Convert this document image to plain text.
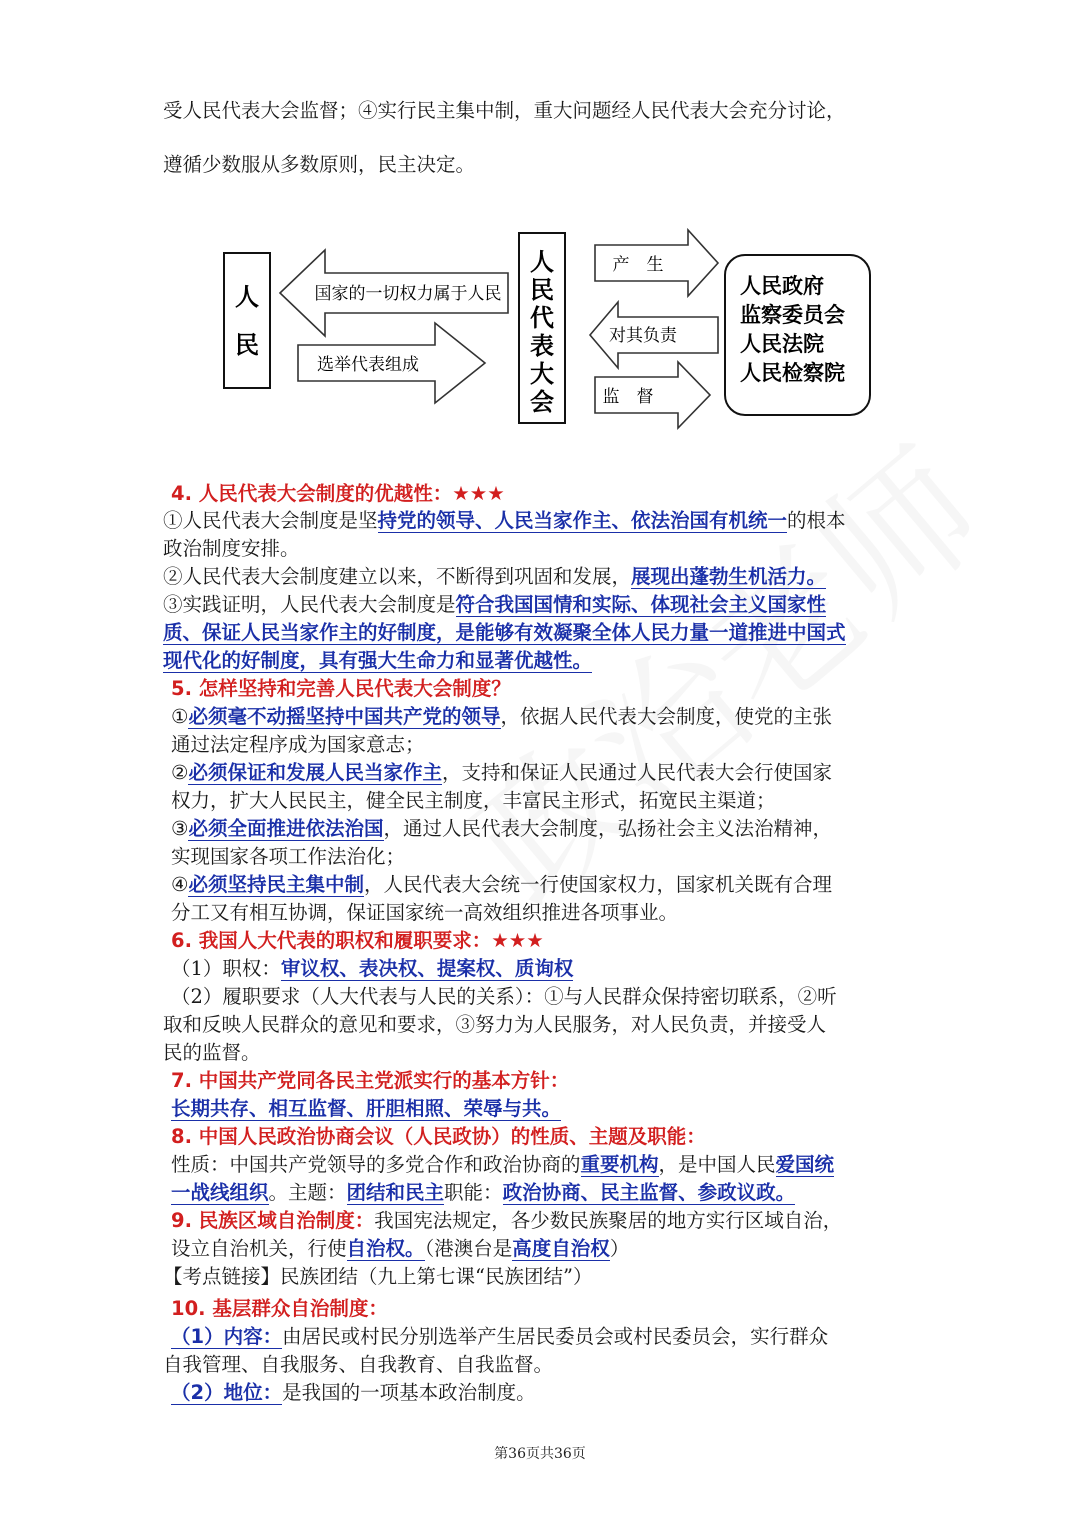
受人民代表大会监督；④实行民主集中制，重大问题经人民代表大会充分讨论，
遵循少数服从多数原则，民主决定。
人
民
国家的一切权力属于人民
选举代表组成
人
民
代
表
大
会
产　生
对其负责
监　督
人民政府
监察委员会
人民法院
人民检察院
4. 人民代表大会制度的优越性：★★★
①人民代表大会制度是坚持党的领导、人民当家作主、依法治国有机统一的根本
政治制度安排。
②人民代表大会制度建立以来，不断得到巩固和发展，展现出蓬勃生机活力。
③实践证明，人民代表大会制度是符合我国国情和实际、体现社会主义国家性
质、保证人民当家作主的好制度，是能够有效凝聚全体人民力量一道推进中国式
现代化的好制度，具有强大生命力和显著优越性。
5. 怎样坚持和完善人民代表大会制度？
①必须毫不动摇坚持中国共产党的领导，依据人民代表大会制度，使党的主张
通过法定程序成为国家意志；
②必须保证和发展人民当家作主，支持和保证人民通过人民代表大会行使国家
权力，扩大人民民主，健全民主制度，丰富民主形式，拓宽民主渠道；
③必须全面推进依法治国，通过人民代表大会制度，弘扬社会主义法治精神，
实现国家各项工作法治化；
④必须坚持民主集中制，人民代表大会统一行使国家权力，国家机关既有合理
分工又有相互协调，保证国家统一高效组织推进各项事业。
6. 我国人大代表的职权和履职要求：★★★
（1）职权：审议权、表决权、提案权、质询权
（2）履职要求（人大代表与人民的关系）：①与人民群众保持密切联系，②听
取和反映人民群众的意见和要求，③努力为人民服务，对人民负责，并接受人
民的监督。
7. 中国共产党同各民主党派实行的基本方针：
长期共存、相互监督、肝胆相照、荣辱与共。
8. 中国人民政治协商会议（人民政协）的性质、主题及职能：
性质：中国共产党领导的多党合作和政治协商的重要机构，是中国人民爱国统
一战线组织。主题：团结和民主职能：政治协商、民主监督、参政议政。
9. 民族区域自治制度：我国宪法规定，各少数民族聚居的地方实行区域自治，
设立自治机关，行使自治权。（港澳台是高度自治权）
【考点链接】民族团结（九上第七课“民族团结”）
10. 基层群众自治制度：
（1）内容：由居民或村民分别选举产生居民委员会或村民委员会，实行群众
自我管理、自我服务、自我教育、自我监督。
（2）地位：是我国的一项基本政治制度。
第36页共36页
